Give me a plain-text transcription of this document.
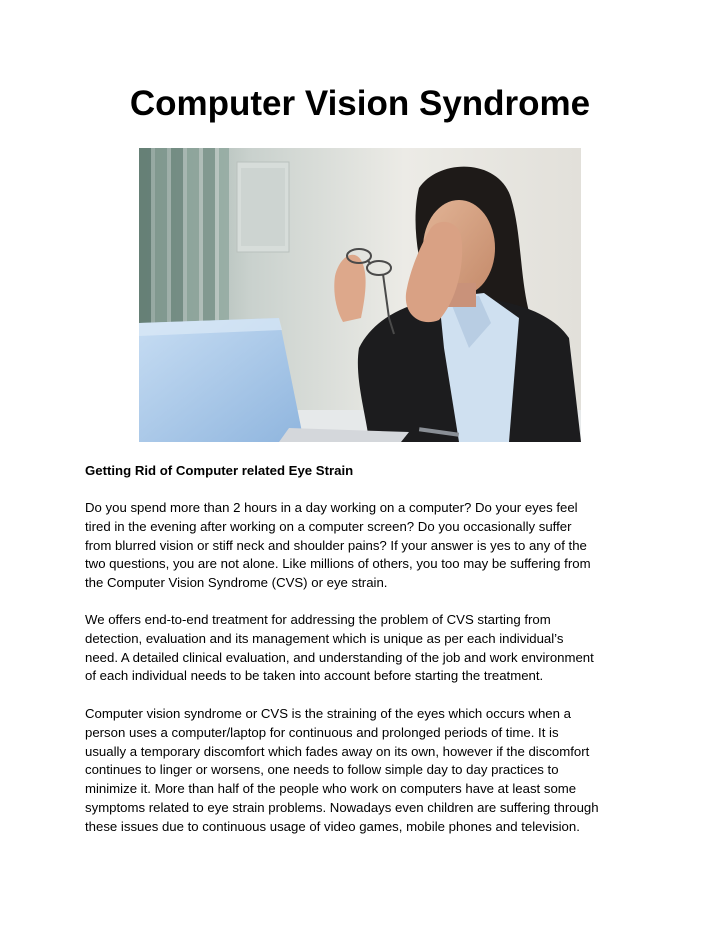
Computer Vision Syndrome
Getting Rid of Computer related Eye Strain

Do you spend more than 2 hours in a day working on a computer? Do your eyes feel
tired in the evening after working on a computer screen? Do you occasionally suffer
from blurred vision or stiff neck and shoulder pains? If your answer is yes to any of the
two questions, you are not alone. Like millions of others, you too may be suffering from
the Computer Vision Syndrome (CVS) or eye strain.

We offers end-to-end treatment for addressing the problem of CVS starting from
detection, evaluation and its management which is unique as per each individual’s
need. A detailed clinical evaluation, and understanding of the job and work environment
of each individual needs to be taken into account before starting the treatment.

Computer vision syndrome or CVS is the straining of the eyes which occurs when a
person uses a computer/laptop for continuous and prolonged periods of time. It is
usually a temporary discomfort which fades away on its own, however if the discomfort
continues to linger or worsens, one needs to follow simple day to day practices to
minimize it. More than half of the people who work on computers have at least some
symptoms related to eye strain problems. Nowadays even children are suffering through
these issues due to continuous usage of video games, mobile phones and television.
